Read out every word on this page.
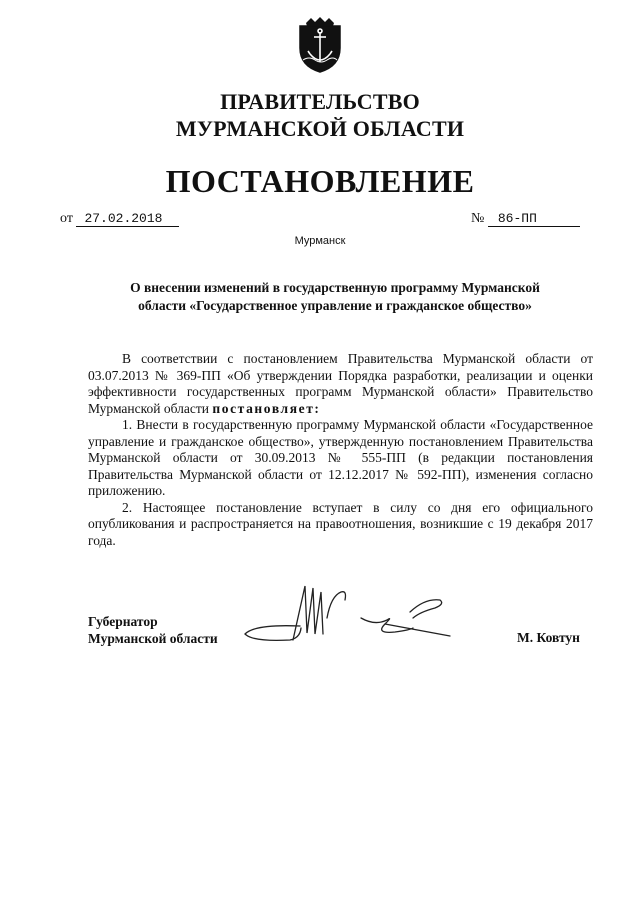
ПРАВИТЕЛЬСТВО
МУРМАНСКОЙ ОБЛАСТИ
ПОСТАНОВЛЕНИЕ
от 27.02.2018	№ 86-ПП
Мурманск
О внесении изменений в государственную программу Мурманской
области «Государственное управление и гражданское общество»

В соответствии с постановлением Правительства Мурманской области от 03.07.2013 № 369-ПП «Об утверждении Порядка разработки, реализации и оценки эффективности государственных программ Мурманской области» Правительство Мурманской области постановляет:

1. Внести в государственную программу Мурманской области «Государственное управление и гражданское общество», утвержденную постановлением Правительства Мурманской области от 30.09.2013 № 555-ПП (в редакции постановления Правительства Мурманской области от 12.12.2017 № 592-ПП), изменения согласно приложению.

2. Настоящее постановление вступает в силу со дня его официального опубликования и распространяется на правоотношения, возникшие с 19 декабря 2017 года.

Губернатор
Мурманской области	М. Ковтун
